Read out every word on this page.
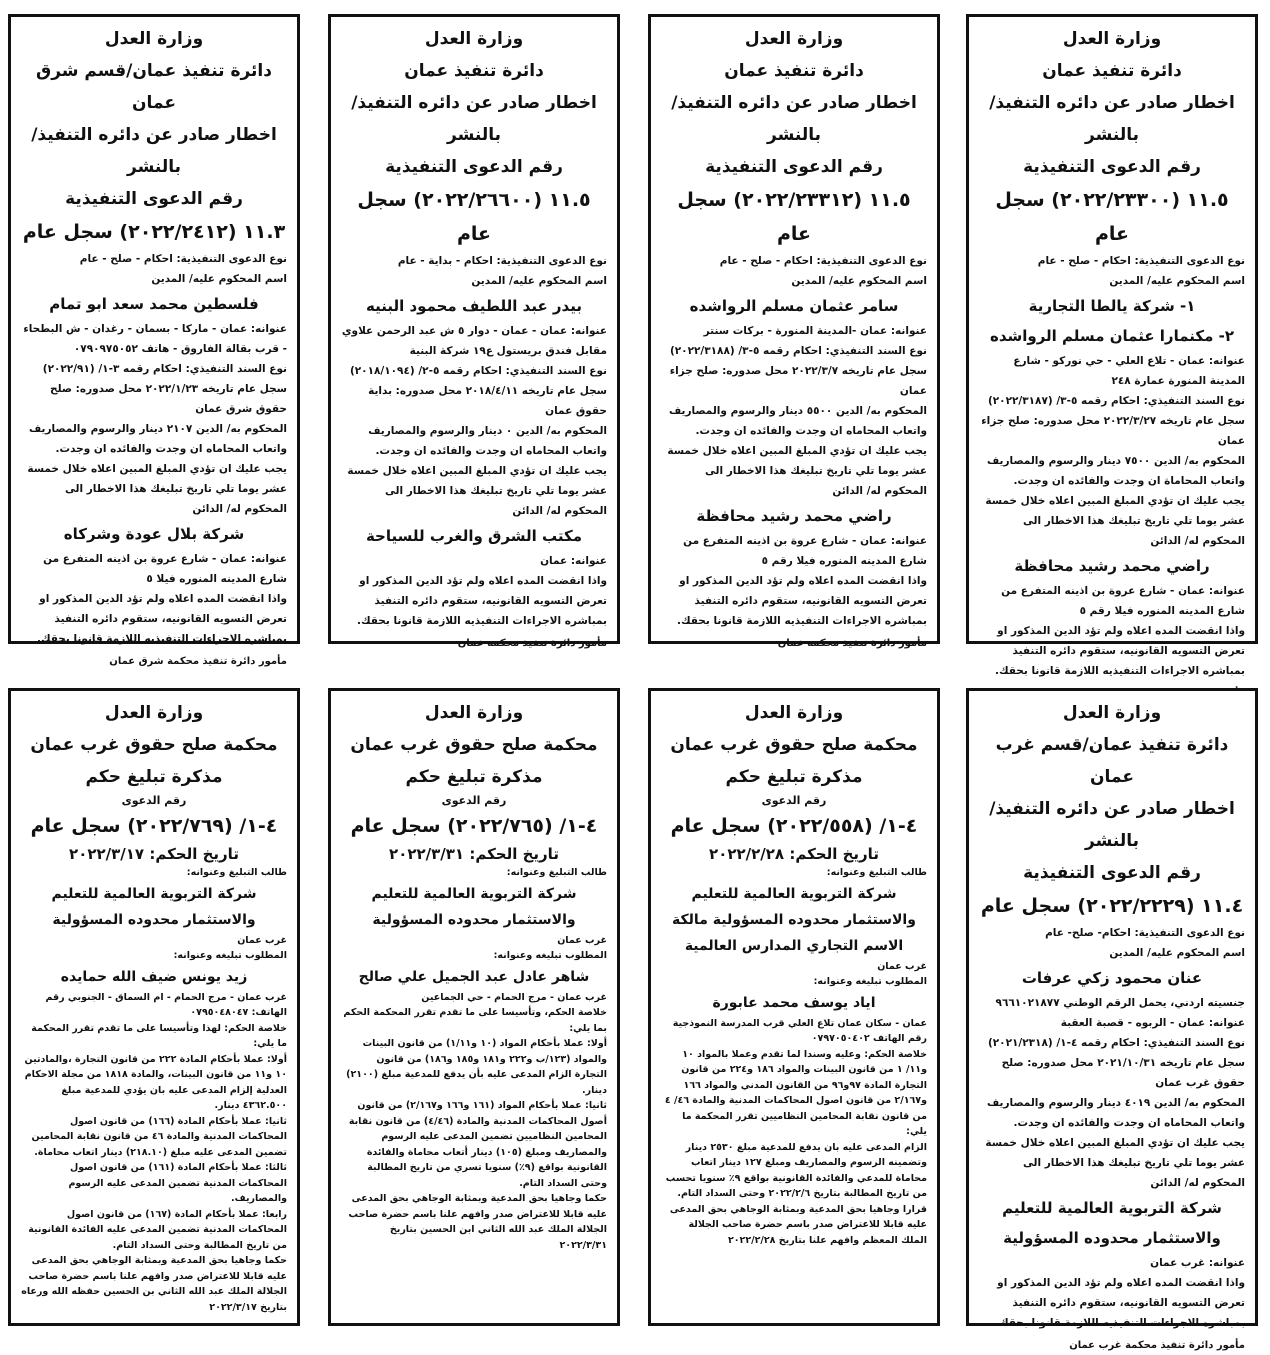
وزارة العدل
دائرة تنفيذ عمان
اخطار صادر عن دائره التنفيذ/ بالنشر
رقم الدعوى التنفيذية
١١.٥ (٢٠٢٢/٢٣٣٠٠) سجل عام
نوع الدعوى التنفيذية: احكام - صلح - عام
اسم المحكوم عليه/ المدين
١- شركة يالطا التجارية
٢- مكنمارا عثمان مسلم الرواشده
عنوانه: عمان - تلاع العلي - حي نوركو - شارع المدينة المنورة عمارة ٢٤٨
نوع السند التنفيذي: احكام رقمه ٥-٣/ (٢٠٢٢/٣١٨٧) سجل عام تاريخه ٢٠٢٢/٣/٢٧ محل صدوره: صلح جزاء عمان
المحكوم به/ الدين ٧٥٠٠ دينار والرسوم والمصاريف واتعاب المحاماة ان وجدت والفائده ان وجدت.
يجب عليك ان تؤدي المبلغ المبين اعلاه خلال خمسة عشر يوما تلي تاريخ تبليغك هذا الاخطار الى المحكوم له/ الدائن
راضي محمد رشيد محافظة
عنوانه: عمان - شارع عروة بن اذينه المتفرع من شارع المدينه المنوره فيلا رقم ٥
واذا انقضت المده اعلاه ولم تؤد الدين المذكور او تعرض التسويه القانونيه، ستقوم دائره التنفيذ بمباشره الاجراءات التنفيذيه اللازمة قانونا بحقك.
وزارة العدل
دائرة تنفيذ عمان
اخطار صادر عن دائره التنفيذ/ بالنشر
رقم الدعوى التنفيذية
١١.٥ (٢٠٢٢/٢٣٣١٢) سجل عام
نوع الدعوى التنفيذية: احكام - صلح - عام
اسم المحكوم عليه/ المدين
سامر عثمان مسلم الرواشده
عنوانه: عمان -المدينة المنورة - بركات سنتر
نوع السند التنفيذي: احكام رقمه ٥-٣/ (٢٠٢٢/٣١٨٨) سجل عام تاريخه ٢٠٢٢/٣/٧ محل صدوره: صلح جزاء عمان
المحكوم به/ الدين ٥٥٠٠ دينار والرسوم والمصاريف واتعاب المحاماه ان وجدت والفائده ان وجدت.
يجب عليك ان تؤدي المبلغ المبين اعلاه خلال خمسة عشر يوما تلي تاريخ تبليغك هذا الاخطار الى المحكوم له/ الدائن
راضي محمد رشيد محافظة
عنوانه: عمان - شارع عروة بن اذينه المتفرع من شارع المدينه المنوره فيلا رقم ٥
واذا انقضت المده اعلاه ولم تؤد الدين المذكور او تعرض التسويه القانونيه، ستقوم دائره التنفيذ بمباشره الاجراءات التنفيذيه اللازمة قانونا بحقك.
مأمور دائرة تنفيذ محكمة عمان
وزارة العدل
دائرة تنفيذ عمان
اخطار صادر عن دائره التنفيذ/ بالنشر
رقم الدعوى التنفيذية
١١.٥ (٢٠٢٢/٢٦٦٠٠) سجل عام
نوع الدعوى التنفيذية: احكام - بداية - عام
اسم المحكوم عليه/ المدين
بيدر عبد اللطيف محمود البنيه
عنوانه: عمان - عمان - دوار ٥ ش عبد الرحمن علاوي مقابل فندق بريستول ع١٩ شركة البنية
نوع السند التنفيذي: احكام رقمه ٥-٢/ (٢٠١٨/١٠٩٤) سجل عام تاريخه ٢٠١٨/٤/١١ محل صدوره: بداية حقوق عمان
المحكوم به/ الدين ٠ دينار والرسوم والمصاريف واتعاب المحاماه ان وجدت والفائده ان وجدت.
يجب عليك ان تؤدي المبلغ المبين اعلاه خلال خمسة عشر يوما تلي تاريخ تبليغك هذا الاخطار الى المحكوم له/ الدائن
مكتب الشرق والغرب للسياحة
عنوانه: عمان
واذا انقضت المده اعلاه ولم تؤد الدين المذكور او تعرض التسويه القانونيه، ستقوم دائره التنفيذ بمباشره الاجراءات التنفيذيه اللازمة قانونا بحقك.
مأمور دائرة تنفيذ محكمة عمان
وزارة العدل
دائرة تنفيذ عمان/قسم شرق عمان
اخطار صادر عن دائره التنفيذ/ بالنشر
رقم الدعوى التنفيذية
١١.٣ (٢٠٢٢/٢٤١٢) سجل عام
نوع الدعوى التنفيذية: احكام - صلح - عام
اسم المحكوم عليه/ المدين
فلسطين محمد سعد ابو تمام
عنوانه: عمان - ماركا - بسمان - رغدان - ش البطحاء - قرب بقالة الفاروق - هاتف ٠٧٩٠٩٧٥٠٥٢
نوع السند التنفيذي: احكام رقمه ٣-١/ (٢٠٢٢/٩١) سجل عام تاريخه ٢٠٢٢/١/٢٣ محل صدوره: صلح حقوق شرق عمان
المحكوم به/ الدين ٢١٠٧ دينار والرسوم والمصاريف واتعاب المحاماه ان وجدت والفائده ان وجدت.
يجب عليك ان تؤدي المبلغ المبين اعلاه خلال خمسة عشر يوما تلي تاريخ تبليغك هذا الاخطار الى المحكوم له/ الدائن
شركة بلال عودة وشركاه
عنوانه: عمان - شارع عروة بن اذينه المتفرع من شارع المدينه المنوره فيلا ٥
واذا انقضت المده اعلاه ولم تؤد الدين المذكور او تعرض التسويه القانونيه، ستقوم دائره التنفيذ بمباشره الاجراءات التنفيذيه اللازمة قانونا بحقك.
مأمور دائرة تنفيذ محكمة شرق عمان
وزارة العدل
دائرة تنفيذ عمان/قسم غرب عمان
اخطار صادر عن دائره التنفيذ/ بالنشر
رقم الدعوى التنفيذية
١١.٤ (٢٠٢٢/٢٢٢٩) سجل عام
نوع الدعوى التنفيذية: احكام- صلح- عام
اسم المحكوم عليه/ المدين
عنان محمود زكي عرفات
جنسيته اردني، يحمل الرقم الوطني ٩٦٦١٠٢١٨٧٧
عنوانه: عمان - الربوه - قصبة العقبة
نوع السند التنفيذي: احكام رقمه ٤-١/ (٢٠٢١/٢٣١٨) سجل عام تاريخه ٢٠٢١/١٠/٣١ محل صدوره: صلح حقوق غرب عمان
المحكوم به/ الدين ٤٠١٩ دينار والرسوم والمصاريف واتعاب المحاماه ان وجدت والفائده ان وجدت.
يجب عليك ان تؤدي المبلغ المبين اعلاه خلال خمسة عشر يوما تلي تاريخ تبليغك هذا الاخطار الى المحكوم له/ الدائن
شركة التربوية العالمية للتعليم والاستثمار محدوده المسؤولية
عنوانه: غرب عمان
واذا انقضت المده اعلاه ولم تؤد الدين المذكور او تعرض التسويه القانونيه، ستقوم دائره التنفيذ بمباشره الاجراءات التنفيذيه اللازمة قانونا بحقك.
مأمور دائرة تنفيذ محكمة غرب عمان
وزارة العدل
محكمة صلح حقوق غرب عمان
مذكرة تبليغ حكم
رقم الدعوى
٤-١/ (٢٠٢٢/٥٥٨) سجل عام
تاريخ الحكم: ٢٠٢٢/٢/٢٨
طالب التبليغ وعنوانه:
شركة التربوية العالمية للتعليم والاستثمار محدوده المسؤولية مالكة الاسم التجاري المدارس العالمية
غرب عمان
المطلوب تبليغه وعنوانه:
اياد يوسف محمد عابورة
عمان - سكان عمان تلاع العلي قرب المدرسة النموذجية رقم الهاتف ٠٧٩٧٠٥٠٤٠٢
خلاصة الحكم: وعليه وسندا لما تقدم وعملا بالمواد ١٠ و١١/ ١ من قانون البينات والمواد ١٨٦ و٢٢٤ من قانون التجارة المادة ٩٧و٩٦ من القانون المدني والمواد ١٦٦ و٢/١٦٧ من قانون اصول المحاكمات المدنية والمادة ٤٦/ ٤ من قانون نقابة المحامين النظاميين تقرر المحكمة ما يلي:
الزام المدعى عليه بان يدفع للمدعية مبلغ ٢٥٣٠ دينار وتضمينه الرسوم والمصاريف ومبلغ ١٢٧ دينار اتعاب محاماة للمدعي والفائدة القانونية بواقع ٩٪ سنويا تحسب من تاريخ المطالبة بتاريخ ٢٠٢٢/٢/٦ وحتى السداد التام.
قرارا وجاهيا بحق المدعية وبمثابة الوجاهي بحق المدعى عليه قابلا للاعتراض صدر باسم حضرة صاحب الجلالة الملك المعظم وافهم علنا بتاريخ ٢٠٢٢/٢/٢٨
وزارة العدل
محكمة صلح حقوق غرب عمان
مذكرة تبليغ حكم
رقم الدعوى
٤-١/ (٢٠٢٢/٧٦٥) سجل عام
تاريخ الحكم: ٢٠٢٢/٣/٣١
طالب التبليغ وعنوانه:
شركة التربوية العالمية للتعليم والاستثمار محدوده المسؤولية
غرب عمان
المطلوب تبليغه وعنوانه:
شاهر عادل عبد الجميل علي صالح
غرب عمان - مرج الحمام - حي الجماعين
خلاصة الحكم، وتأسيسا على ما تقدم تقرر المحكمة الحكم بما يلي:
أولا: عملا بأحكام المواد (١٠ و١/١١) من قانون البينات والمواد (١٢٣/ب و٢٢٢ و١٨١ و١٨٥ و١٨٦) من قانون التجارة الزام المدعى عليه بأن يدفع للمدعية مبلغ (٢١٠٠) دينار.
ثانيا: عملا بأحكام المواد (١٦١ و١٦٦ و٢/١٦٧) من قانون أصول المحاكمات المدنية والمادة (٤/٤٦) من قانون نقابة المحامين النظاميين تضمين المدعى عليه الرسوم والمصاريف ومبلغ (١٠٥) دينار أتعاب محاماة والفائدة القانونية بواقع (٩٪) سنويا تسري من تاريخ المطالبة وحتى السداد التام.
حكما وجاهيا بحق المدعية وبمثابة الوجاهي بحق المدعى عليه قابلا للاعتراض صدر وافهم علنا باسم حضرة صاحب الجلالة الملك عبد الله الثاني ابن الحسين بتاريخ ٢٠٢٢/٣/٣١
وزارة العدل
محكمة صلح حقوق غرب عمان
مذكرة تبليغ حكم
رقم الدعوى
٤-١/ (٢٠٢٢/٧٦٩) سجل عام
تاريخ الحكم: ٢٠٢٢/٣/١٧
طالب التبليغ وعنوانه:
شركة التربوية العالمية للتعليم والاستثمار محدوده المسؤولية
غرب عمان
المطلوب تبليغه وعنوانه:
زيد يونس ضيف الله حمايده
غرب عمان - مرج الحمام - ام السماق - الجنوبي رقم الهاتف: ٠٧٩٥٠٤٨٠٤٧
خلاصة الحكم: لهذا وتأسيسا على ما تقدم تقرر المحكمة ما يلي:
أولا: عملا بأحكام المادة ٢٢٢ من قانون التجارة ،والمادتين ١٠ و١١ من قانون البينات، والمادة ١٨١٨ من مجلة الاحكام العدلية إلزام المدعى عليه بان يؤدي للمدعية مبلغ ٤٣٦٢.٥٠٠ دينار.
ثانيا: عملا بأحكام المادة (١٦٦) من قانون اصول المحاكمات المدنية والمادة ٤٦ من قانون نقابة المحامين تضمين المدعى عليه مبلغ (٢١٨.١٠) دينار اتعاب محاماة.
ثالثا: عملا بأحكام المادة (١٦١) من قانون اصول المحاكمات المدنية تضمين المدعى عليه الرسوم والمصاريف.
رابعا: عملا بأحكام المادة (١٦٧) من قانون اصول المحاكمات المدنية تضمين المدعى عليه الفائدة القانونية من تاريخ المطالبة وحتى السداد التام.
حكما وجاهيا بحق المدعية وبمثابة الوجاهي بحق المدعى عليه قابلا للاعتراض صدر وافهم علنا باسم حضرة صاحب الجلالة الملك عبد الله الثاني بن الحسين حفظه الله ورعاه بتاريخ ٢٠٢٢/٣/١٧
